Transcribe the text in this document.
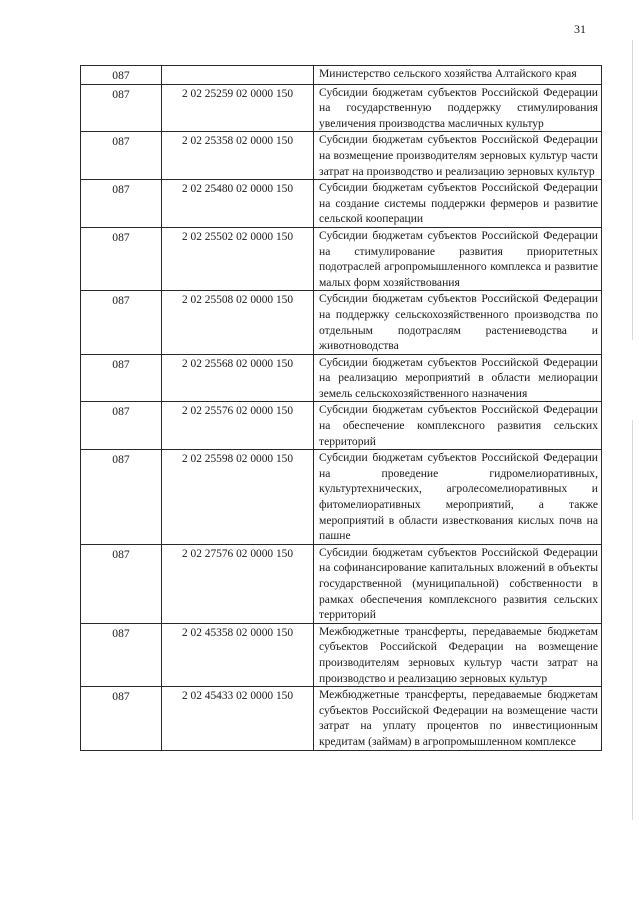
31
087		Министерство сельского хозяйства Алтайского края
087	2 02 25259 02 0000 150	Субсидии бюджетам субъектов Российской Федерации на государственную поддержку стимулирования увеличения производства масличных культур
087	2 02 25358 02 0000 150	Субсидии бюджетам субъектов Российской Федерации на возмещение производителям зерновых культур части затрат на производство и реализацию зерновых культур
087	2 02 25480 02 0000 150	Субсидии бюджетам субъектов Российской Федерации на создание системы поддержки фермеров и развитие сельской кооперации
087	2 02 25502 02 0000 150	Субсидии бюджетам субъектов Российской Федерации на стимулирование развития приоритетных подотраслей агропромышленного комплекса и развитие малых форм хозяйствования
087	2 02 25508 02 0000 150	Субсидии бюджетам субъектов Российской Федерации на поддержку сельскохозяйственного производства по отдельным подотраслям растениеводства и животноводства
087	2 02 25568 02 0000 150	Субсидии бюджетам субъектов Российской Федерации на реализацию мероприятий в области мелиорации земель сельскохозяйственного назначения
087	2 02 25576 02 0000 150	Субсидии бюджетам субъектов Российской Федерации на обеспечение комплексного развития сельских территорий
087	2 02 25598 02 0000 150	Субсидии бюджетам субъектов Российской Федерации на проведение гидромелиоративных, культуртехнических, агролесомелиоративных и фитомелиоративных мероприятий, а также мероприятий в области известкования кислых почв на пашне
087	2 02 27576 02 0000 150	Субсидии бюджетам субъектов Российской Федерации на софинансирование капитальных вложений в объекты государственной (муниципальной) собственности в рамках обеспечения комплексного развития сельских территорий
087	2 02 45358 02 0000 150	Межбюджетные трансферты, передаваемые бюджетам субъектов Российской Федерации на возмещение производителям зерновых культур части затрат на производство и реализацию зерновых культур
087	2 02 45433 02 0000 150	Межбюджетные трансферты, передаваемые бюджетам субъектов Российской Федерации на возмещение части затрат на уплату процентов по инвестиционным кредитам (займам) в агропромышленном комплексе
